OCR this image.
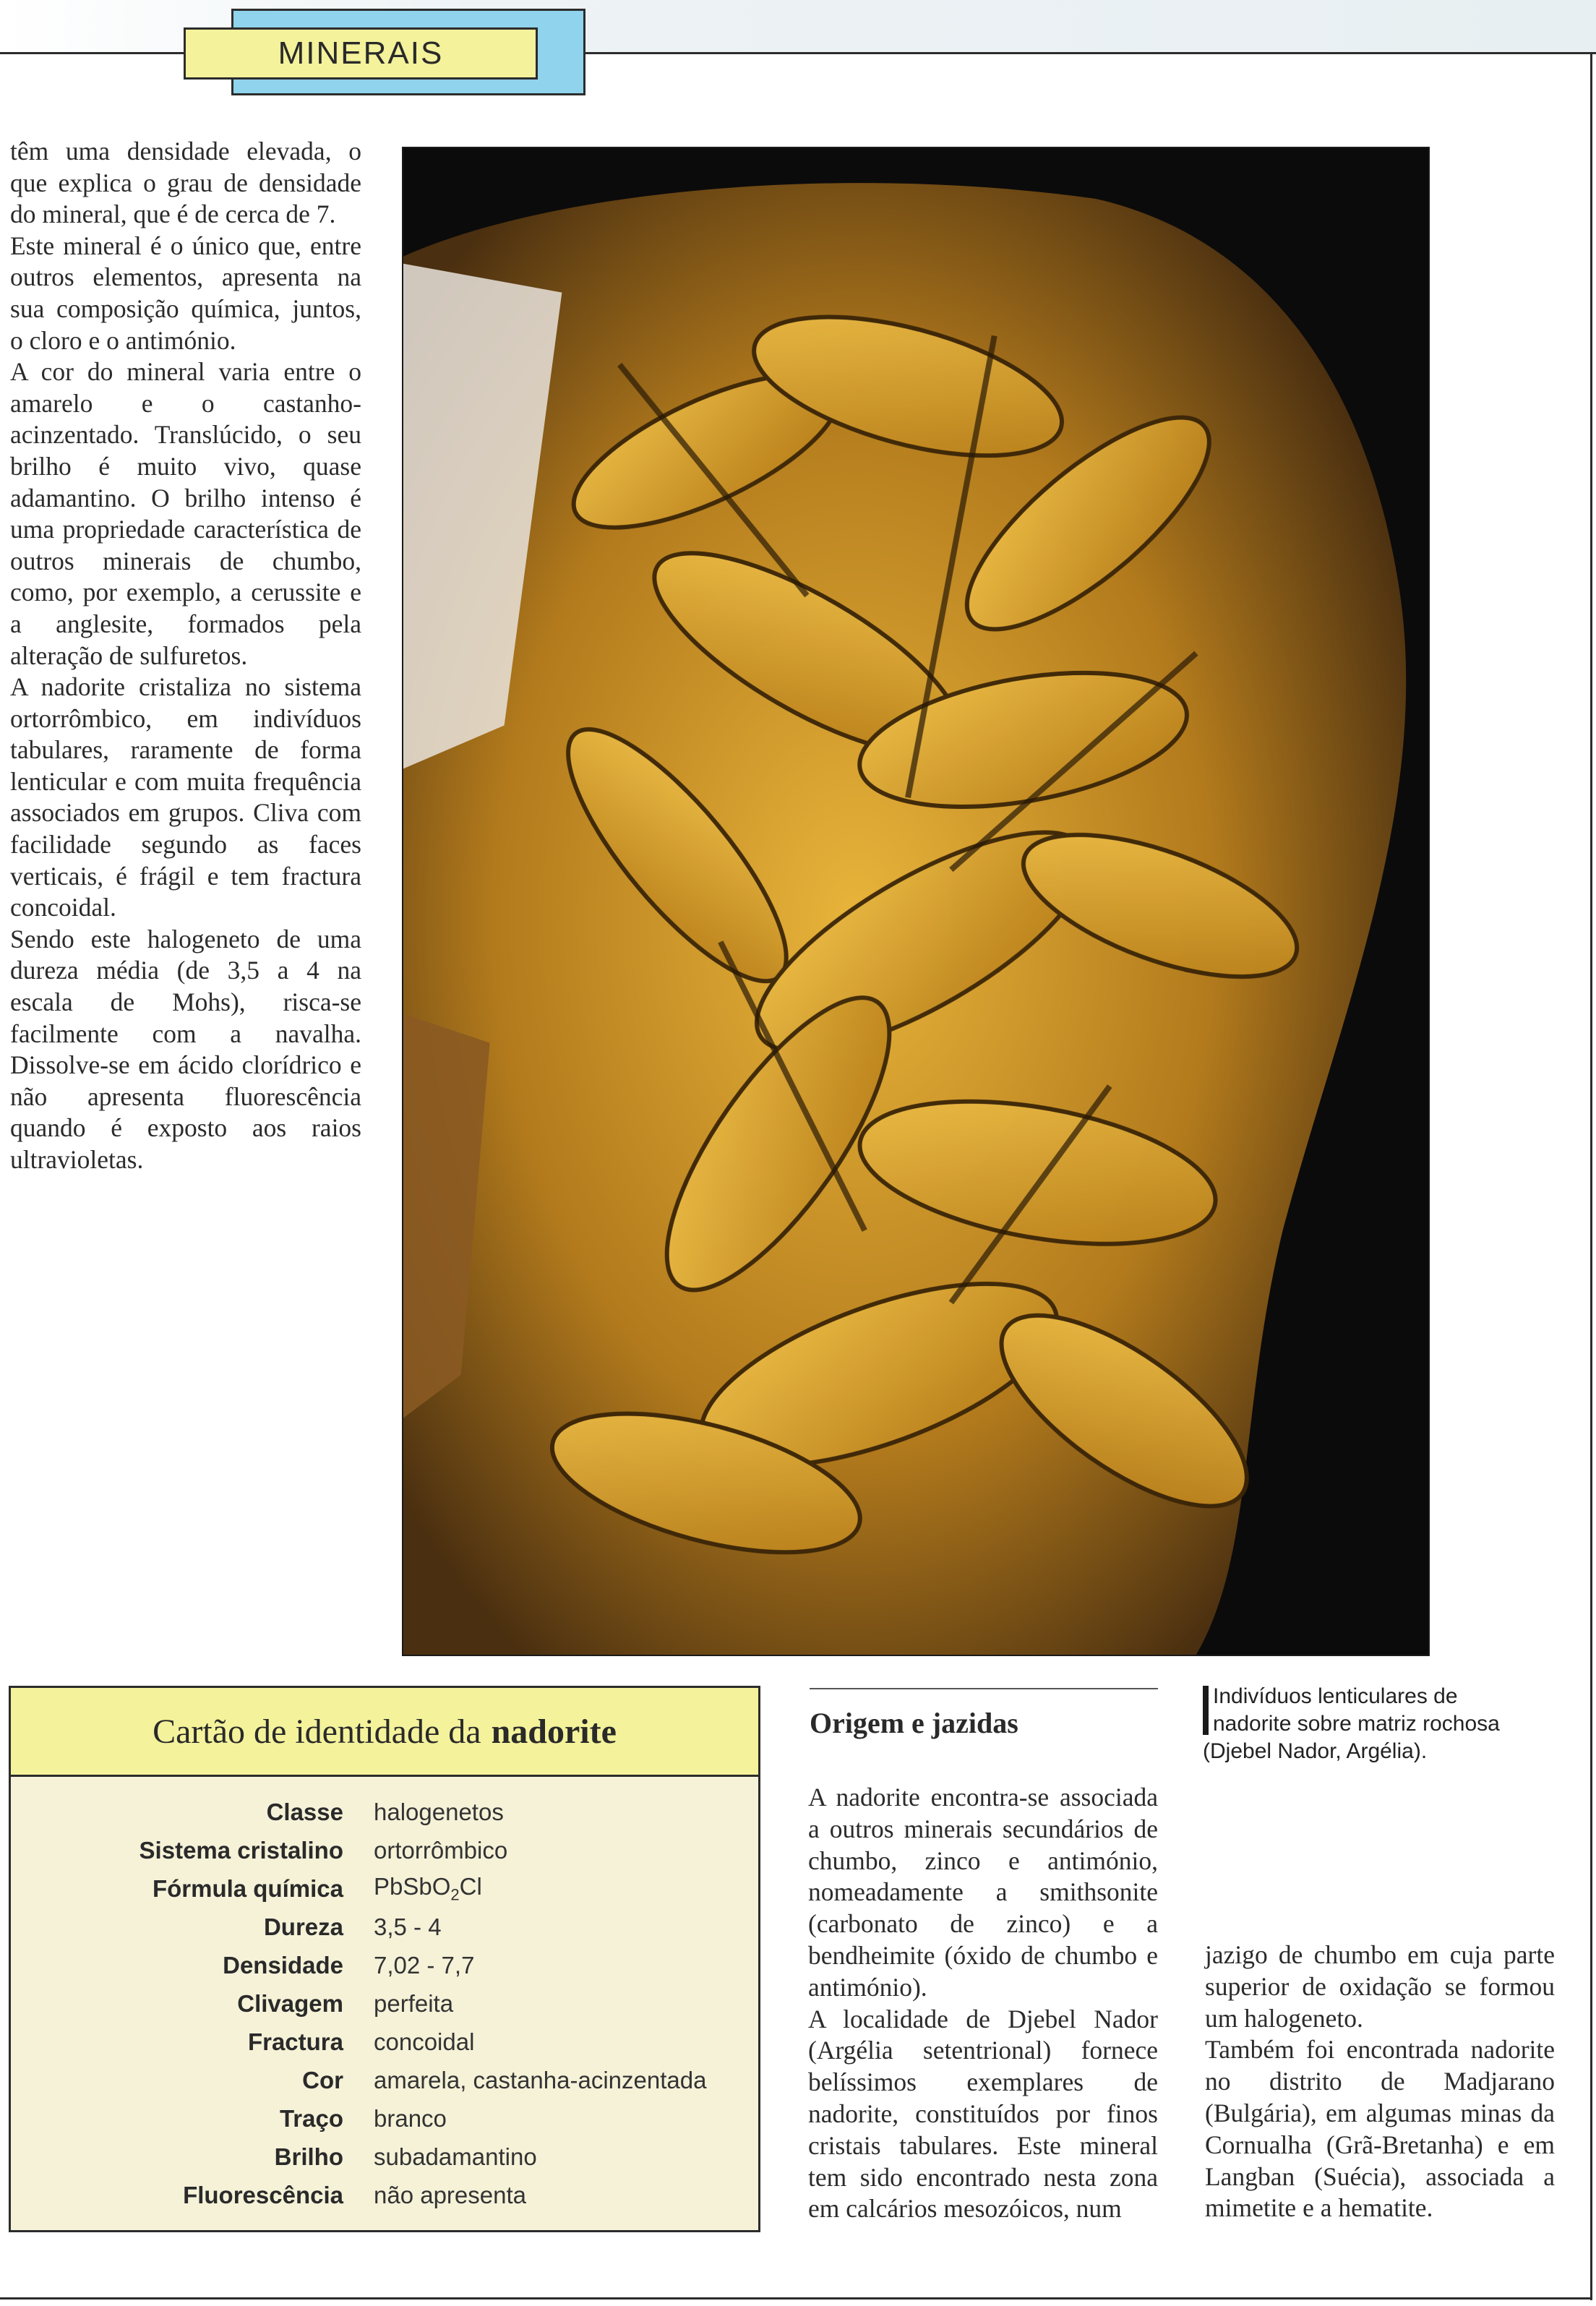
MINERAIS

têm uma densidade elevada, o que explica o grau de densidade do mineral, que é de cerca de 7.

Este mineral é o único que, entre outros elementos, apresenta na sua composição química, juntos, o cloro e o antimónio.

A cor do mineral varia entre o amarelo e o castanho-acinzentado. Translúcido, o seu brilho é muito vivo, quase adamantino. O brilho intenso é uma propriedade característica de outros minerais de chumbo, como, por exemplo, a cerussite e a anglesite, formados pela alteração de sulfuretos.

A nadorite cristaliza no sistema ortorrômbico, em indivíduos tabulares, raramente de forma lenticular e com muita frequência associados em grupos. Cliva com facilidade segundo as faces verticais, é frágil e tem fractura concoidal.

Sendo este halogeneto de uma dureza média (de 3,5 a 4 na escala de Mohs), risca-se facilmente com a navalha. Dissolve-se em ácido clorídrico e não apresenta fluorescência quando é exposto aos raios ultravioletas.

Cartão de identidade da nadorite
Classe	halogenetos
Sistema cristalino	ortorrômbico
Fórmula química	PbSbO$_2$Cl
Dureza	3,5 - 4
Densidade	7,02 - 7,7
Clivagem	perfeita
Fractura	concoidal
Cor	amarela, castanha-acinzentada
Traço	branco
Brilho	subadamantino
Fluorescência	não apresenta
Origem e jazidas

A nadorite encontra-se associada a outros minerais secundários de chumbo, zinco e antimónio, nomeadamente a smithsonite (carbonato de zinco) e a bendheimite (óxido de chumbo e antimónio).

A localidade de Djebel Nador (Argélia setentrional) fornece belíssimos exemplares de nadorite, constituídos por finos cristais tabulares. Este mineral tem sido encontrado nesta zona em calcários mesozóicos, num

Indivíduos lenticulares de nadorite sobre matriz rochosa (Djebel Nador, Argélia).

jazigo de chumbo em cuja parte superior de oxidação se formou um halogeneto.

Também foi encontrada nadorite no distrito de Madjarano (Bulgária), em algumas minas da Cornualha (Grã-Bretanha) e em Langban (Suécia), associada a mimetite e a hematite.
